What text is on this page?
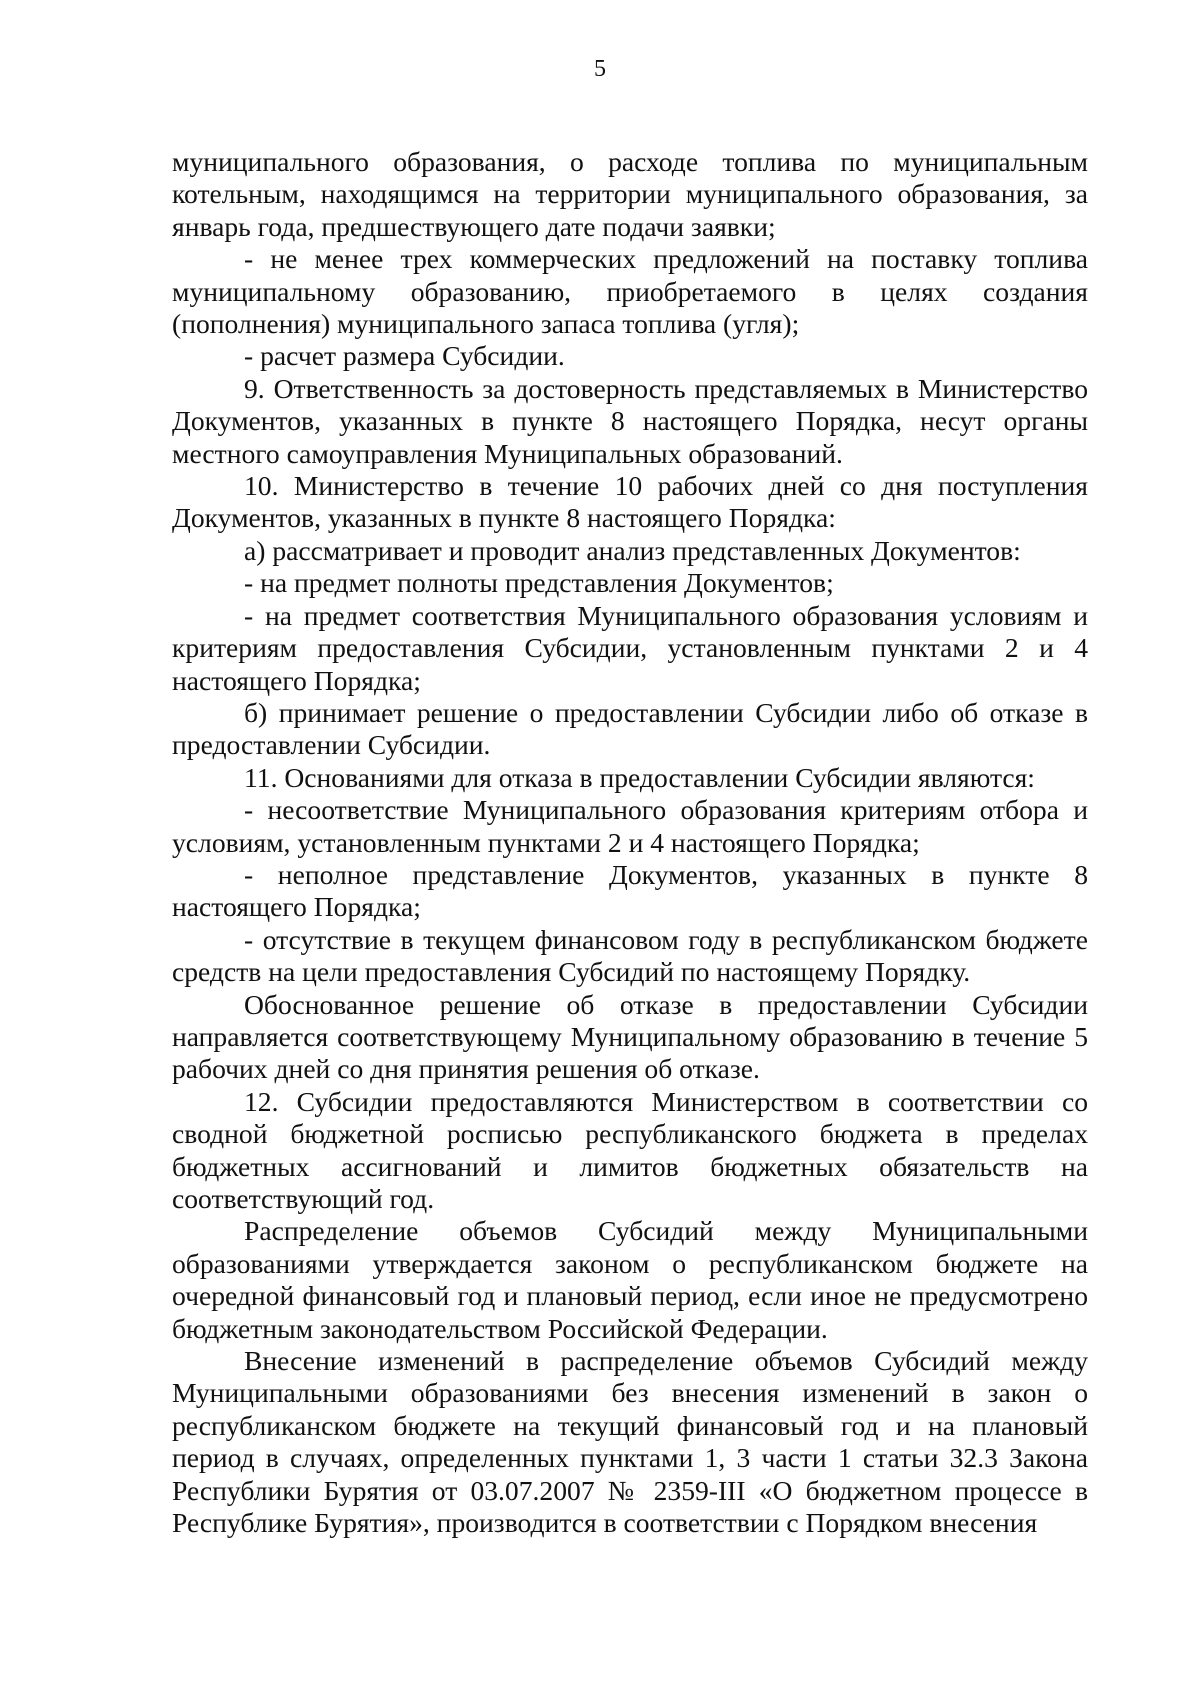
5

муниципального образования, о расходе топлива по муниципальным котельным, находящимся на территории муниципального образования, за январь года, предшествующего дате подачи заявки;

- не менее трех коммерческих предложений на поставку топлива муниципальному образованию, приобретаемого в целях создания (пополнения) муниципального запаса топлива (угля);

- расчет размера Субсидии.

9. Ответственность за достоверность представляемых в Министерство Документов, указанных в пункте 8 настоящего Порядка, несут органы местного самоуправления Муниципальных образований.

10. Министерство в течение 10 рабочих дней со дня поступления Документов, указанных в пункте 8 настоящего Порядка:

а) рассматривает и проводит анализ представленных Документов:

- на предмет полноты представления Документов;

- на предмет соответствия Муниципального образования условиям и критериям предоставления Субсидии, установленным пунктами 2 и 4 настоящего Порядка;

б) принимает решение о предоставлении Субсидии либо об отказе в предоставлении Субсидии.

11. Основаниями для отказа в предоставлении Субсидии являются:

- несоответствие Муниципального образования критериям отбора и условиям, установленным пунктами 2 и 4 настоящего Порядка;

- неполное представление Документов, указанных в пункте 8 настоящего Порядка;

- отсутствие в текущем финансовом году в республиканском бюджете средств на цели предоставления Субсидий по настоящему Порядку.

Обоснованное решение об отказе в предоставлении Субсидии направляется соответствующему Муниципальному образованию в течение 5 рабочих дней со дня принятия решения об отказе.

12. Субсидии предоставляются Министерством в соответствии со сводной бюджетной росписью республиканского бюджета в пределах бюджетных ассигнований и лимитов бюджетных обязательств на соответствующий год.

Распределение объемов Субсидий между Муниципальными образованиями утверждается законом о республиканском бюджете на очередной финансовый год и плановый период, если иное не предусмотрено бюджетным законодательством Российской Федерации.

Внесение изменений в распределение объемов Субсидий между Муниципальными образованиями без внесения изменений в закон о республиканском бюджете на текущий финансовый год и на плановый период в случаях, определенных пунктами 1, 3 части 1 статьи 32.3 Закона Республики Бурятия от 03.07.2007 № 2359-III «О бюджетном процессе в Республике Бурятия», производится в соответствии с Порядком внесения
